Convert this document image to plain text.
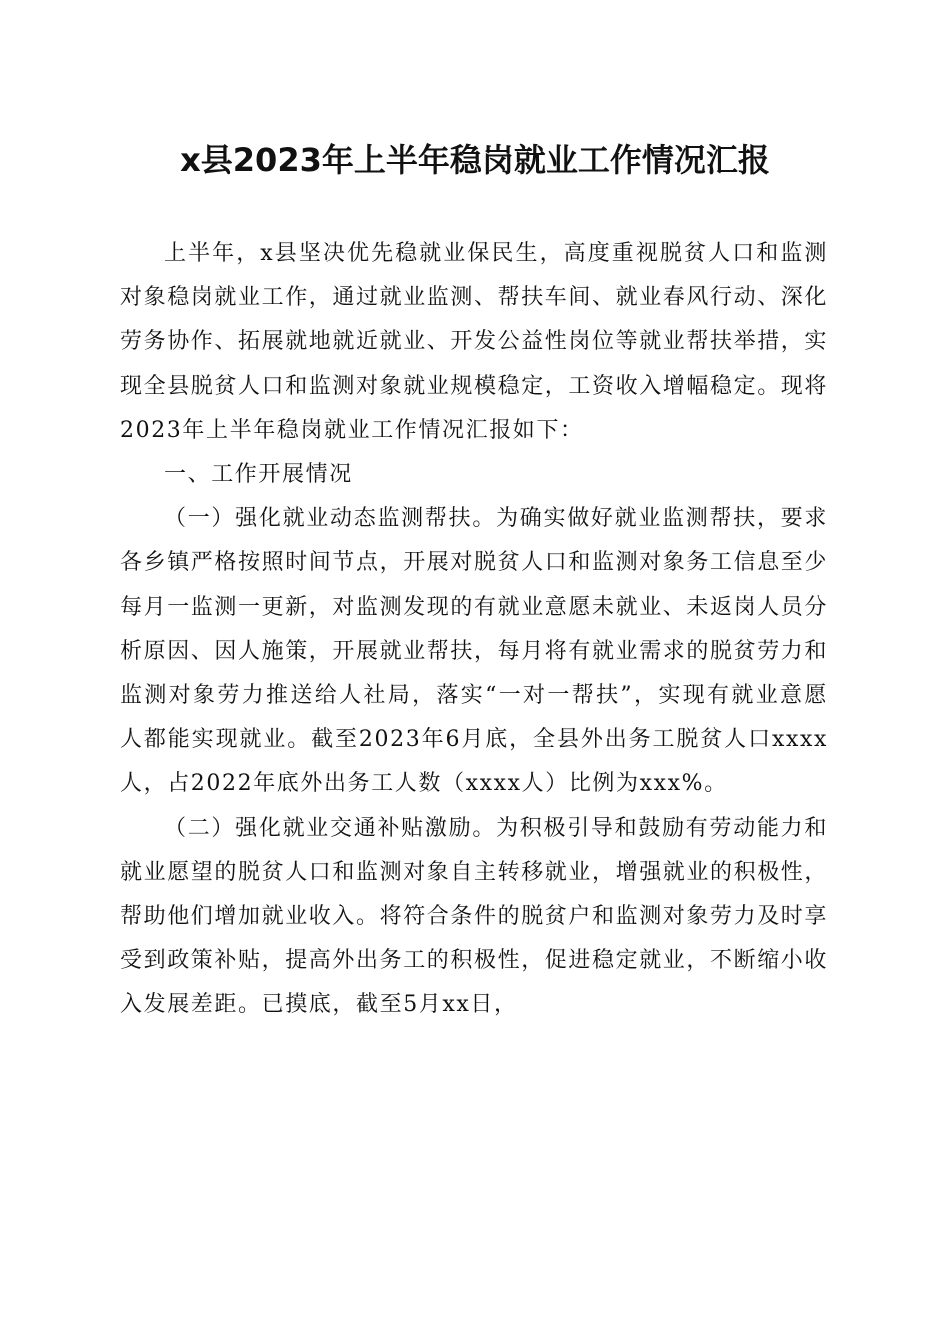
x县2023年上半年稳岗就业工作情况汇报

上半年，x县坚决优先稳就业保民生，高度重视脱贫人口和监测对象稳岗就业工作，通过就业监测、帮扶车间、就业春风行动、深化劳务协作、拓展就地就近就业、开发公益性岗位等就业帮扶举措，实现全县脱贫人口和监测对象就业规模稳定，工资收入增幅稳定。现将2023年上半年稳岗就业工作情况汇报如下：

一、工作开展情况

（一）强化就业动态监测帮扶。为确实做好就业监测帮扶，要求各乡镇严格按照时间节点，开展对脱贫人口和监测对象务工信息至少每月一监测一更新，对监测发现的有就业意愿未就业、未返岗人员分析原因、因人施策，开展就业帮扶，每月将有就业需求的脱贫劳力和监测对象劳力推送给人社局，落实“一对一帮扶”，实现有就业意愿人都能实现就业。截至2023年6月底，全县外出务工脱贫人口xxxx人，占2022年底外出务工人数（xxxx人）比例为xxx%。

（二）强化就业交通补贴激励。为积极引导和鼓励有劳动能力和就业愿望的脱贫人口和监测对象自主转移就业，增强就业的积极性，帮助他们增加就业收入。将符合条件的脱贫户和监测对象劳力及时享受到政策补贴，提高外出务工的积极性，促进稳定就业，不断缩小收入发展差距。已摸底，截至5月xx日，
